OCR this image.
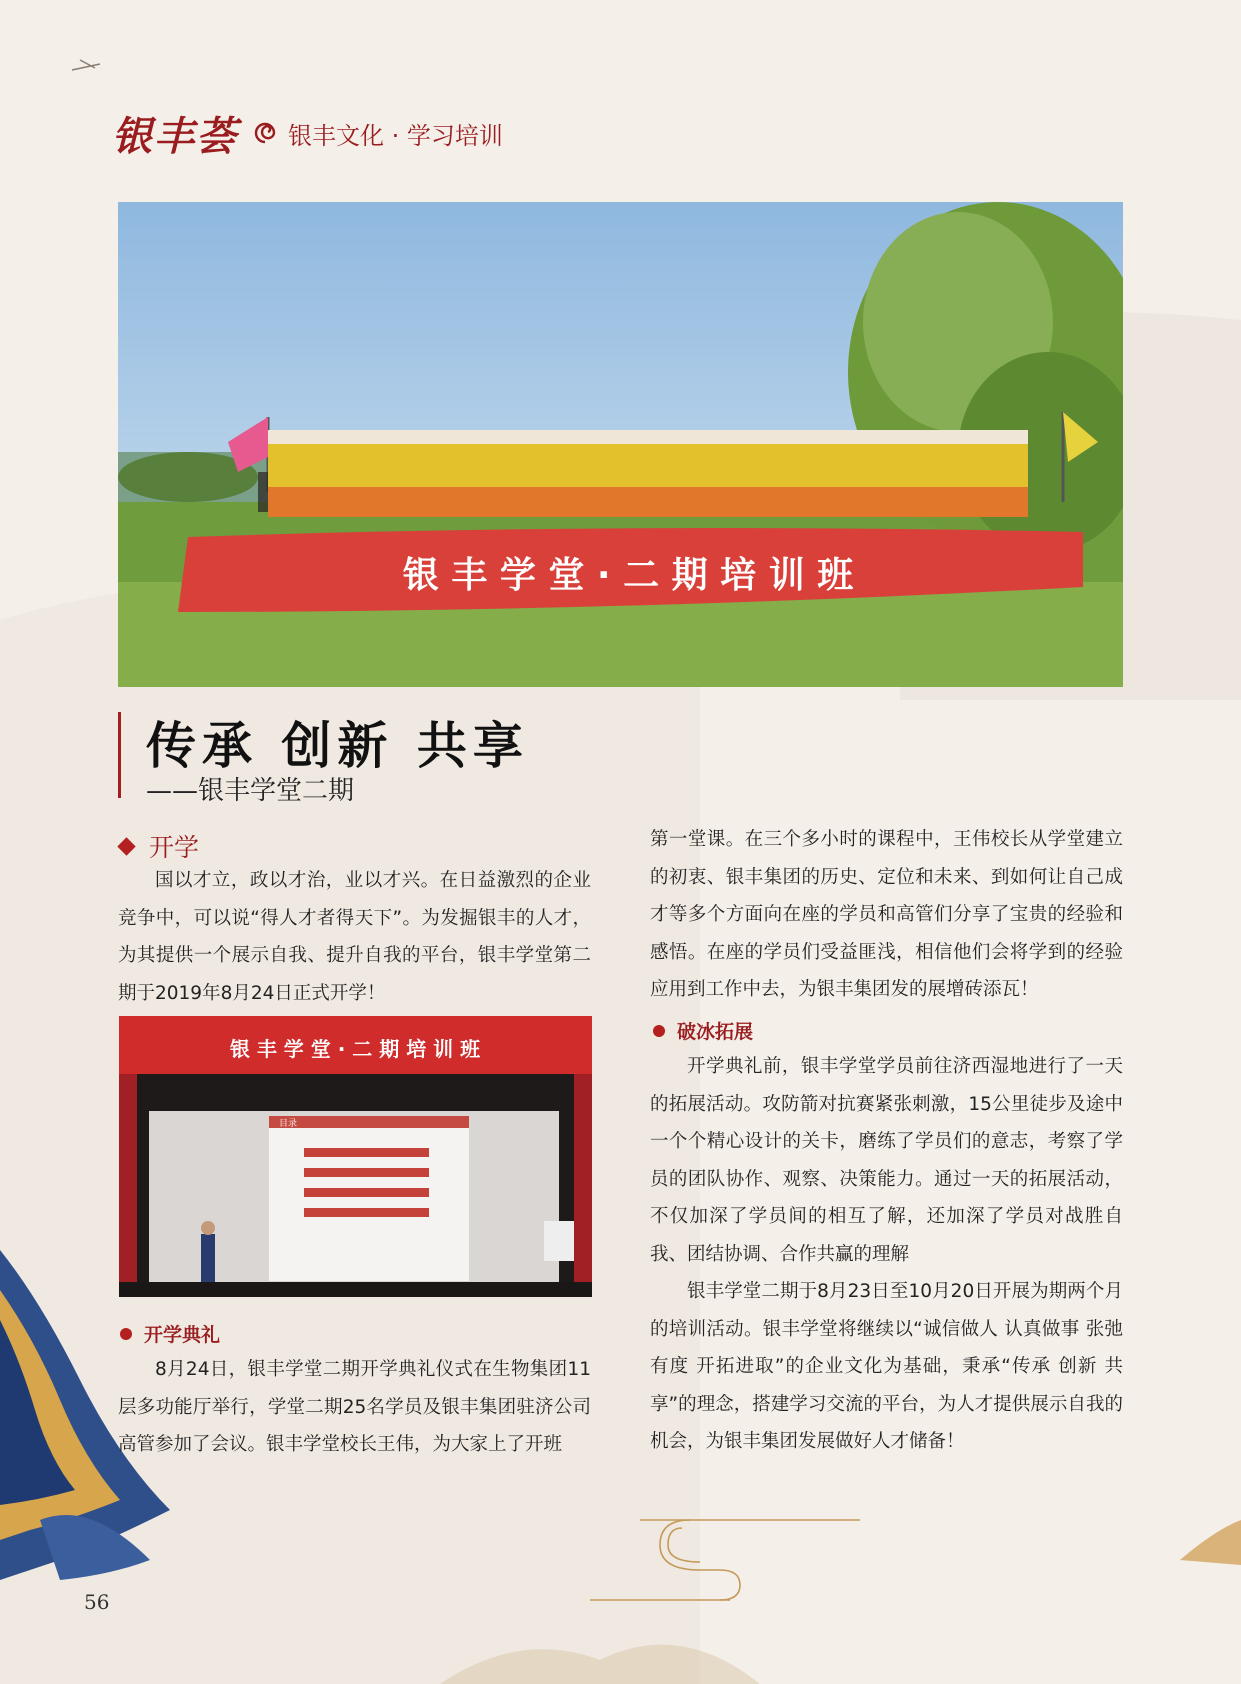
银丰荟 银丰文化 · 学习培训
银 丰 学 堂 · 二 期 培 训 班
传承 创新 共享
——银丰学堂二期
开学

国以才立，政以才治，业以才兴。在日益激烈的企业竞争中，可以说“得人才者得天下”。为发掘银丰的人才，为其提供一个展示自我、提升自我的平台，银丰学堂第二期于2019年8月24日正式开学！

银 丰 学 堂 · 二 期 培 训 班
目录
开学典礼

8月24日，银丰学堂二期开学典礼仪式在生物集团11层多功能厅举行，学堂二期25名学员及银丰集团驻济公司高管参加了会议。银丰学堂校长王伟，为大家上了开班

第一堂课。在三个多小时的课程中，王伟校长从学堂建立的初衷、银丰集团的历史、定位和未来、到如何让自己成才等多个方面向在座的学员和高管们分享了宝贵的经验和感悟。在座的学员们受益匪浅，相信他们会将学到的经验应用到工作中去，为银丰集团发的展增砖添瓦！

破冰拓展

开学典礼前，银丰学堂学员前往济西湿地进行了一天的拓展活动。攻防箭对抗赛紧张刺激，15公里徒步及途中一个个精心设计的关卡，磨练了学员们的意志，考察了学员的团队协作、观察、决策能力。通过一天的拓展活动，不仅加深了学员间的相互了解，还加深了学员对战胜自我、团结协调、合作共赢的理解

银丰学堂二期于8月23日至10月20日开展为期两个月的培训活动。银丰学堂将继续以“诚信做人 认真做事 张弛有度 开拓进取”的企业文化为基础，秉承“传承 创新 共享”的理念，搭建学习交流的平台，为人才提供展示自我的机会，为银丰集团发展做好人才储备！

56
